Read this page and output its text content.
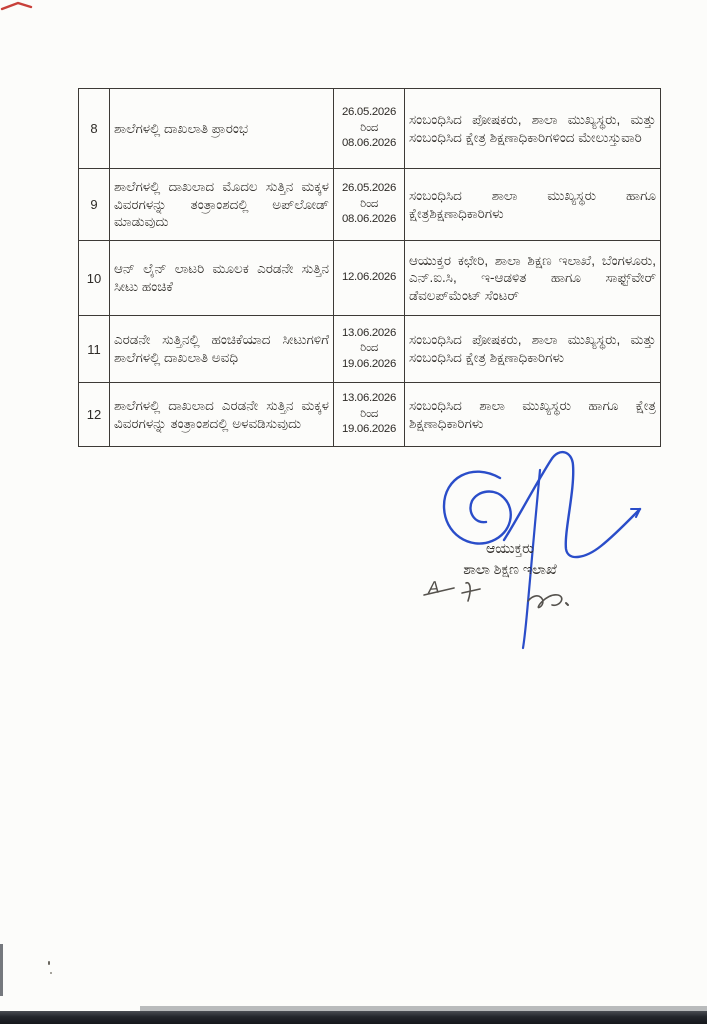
8	ಶಾಲೆಗಳಲ್ಲಿ ದಾಖಲಾತಿ ಪ್ರಾರಂಭ	26.05.2026
ರಿಂದ
08.06.2026	ಸಂಬಂಧಿಸಿದ ಪೋಷಕರು, ಶಾಲಾ ಮುಖ್ಯಸ್ಥರು, ಮತ್ತು ಸಂಬಂಧಿಸಿದ ಕ್ಷೇತ್ರ ಶಿಕ್ಷಣಾಧಿಕಾರಿಗಳಿಂದ ಮೇಲುಸ್ತುವಾರಿ
9	ಶಾಲೆಗಳಲ್ಲಿ ದಾಖಲಾದ ಮೊದಲ ಸುತ್ತಿನ ಮಕ್ಕಳ ವಿವರಗಳನ್ನು ತಂತ್ರಾಂಶದಲ್ಲಿ ಅಪ್‌ಲೋಡ್ ಮಾಡುವುದು	26.05.2026
ರಿಂದ
08.06.2026	ಸಂಬಂಧಿಸಿದ ಶಾಲಾ ಮುಖ್ಯಸ್ಥರು ಹಾಗೂ ಕ್ಷೇತ್ರಶಿಕ್ಷಣಾಧಿಕಾರಿಗಳು
10	ಆನ್ ಲೈನ್ ಲಾಟರಿ ಮೂಲಕ ಎರಡನೇ ಸುತ್ತಿನ ಸೀಟು ಹಂಚಿಕೆ	12.06.2026	ಆಯುಕ್ತರ ಕಛೇರಿ, ಶಾಲಾ ಶಿಕ್ಷಣ ಇಲಾಖೆ, ಬೆಂಗಳೂರು, ಎನ್.ಐ.ಸಿ, ಇ-ಆಡಳಿತ ಹಾಗೂ ಸಾಫ್ಟ್‌ವೇರ್ ಡೆವಲಪ್‌ಮೆಂಟ್ ಸೆಂಟರ್
11	ಎರಡನೇ ಸುತ್ತಿನಲ್ಲಿ ಹಂಚಿಕೆಯಾದ ಸೀಟುಗಳಿಗೆ ಶಾಲೆಗಳಲ್ಲಿ ದಾಖಲಾತಿ ಅವಧಿ	13.06.2026
ರಿಂದ
19.06.2026	ಸಂಬಂಧಿಸಿದ ಪೋಷಕರು, ಶಾಲಾ ಮುಖ್ಯಸ್ಥರು, ಮತ್ತು ಸಂಬಂಧಿಸಿದ ಕ್ಷೇತ್ರ ಶಿಕ್ಷಣಾಧಿಕಾರಿಗಳು
12	ಶಾಲೆಗಳಲ್ಲಿ ದಾಖಲಾದ ಎರಡನೇ ಸುತ್ತಿನ ಮಕ್ಕಳ ವಿವರಗಳನ್ನು ತಂತ್ರಾಂಶದಲ್ಲಿ ಅಳವಡಿಸುವುದು	13.06.2026
ರಿಂದ
19.06.2026	ಸಂಬಂಧಿಸಿದ ಶಾಲಾ ಮುಖ್ಯಸ್ಥರು ಹಾಗೂ ಕ್ಷೇತ್ರ ಶಿಕ್ಷಣಾಧಿಕಾರಿಗಳು
ಆಯುಕ್ತರು
ಶಾಲಾ ಶಿಕ್ಷಣ ಇಲಾಖೆ
A
